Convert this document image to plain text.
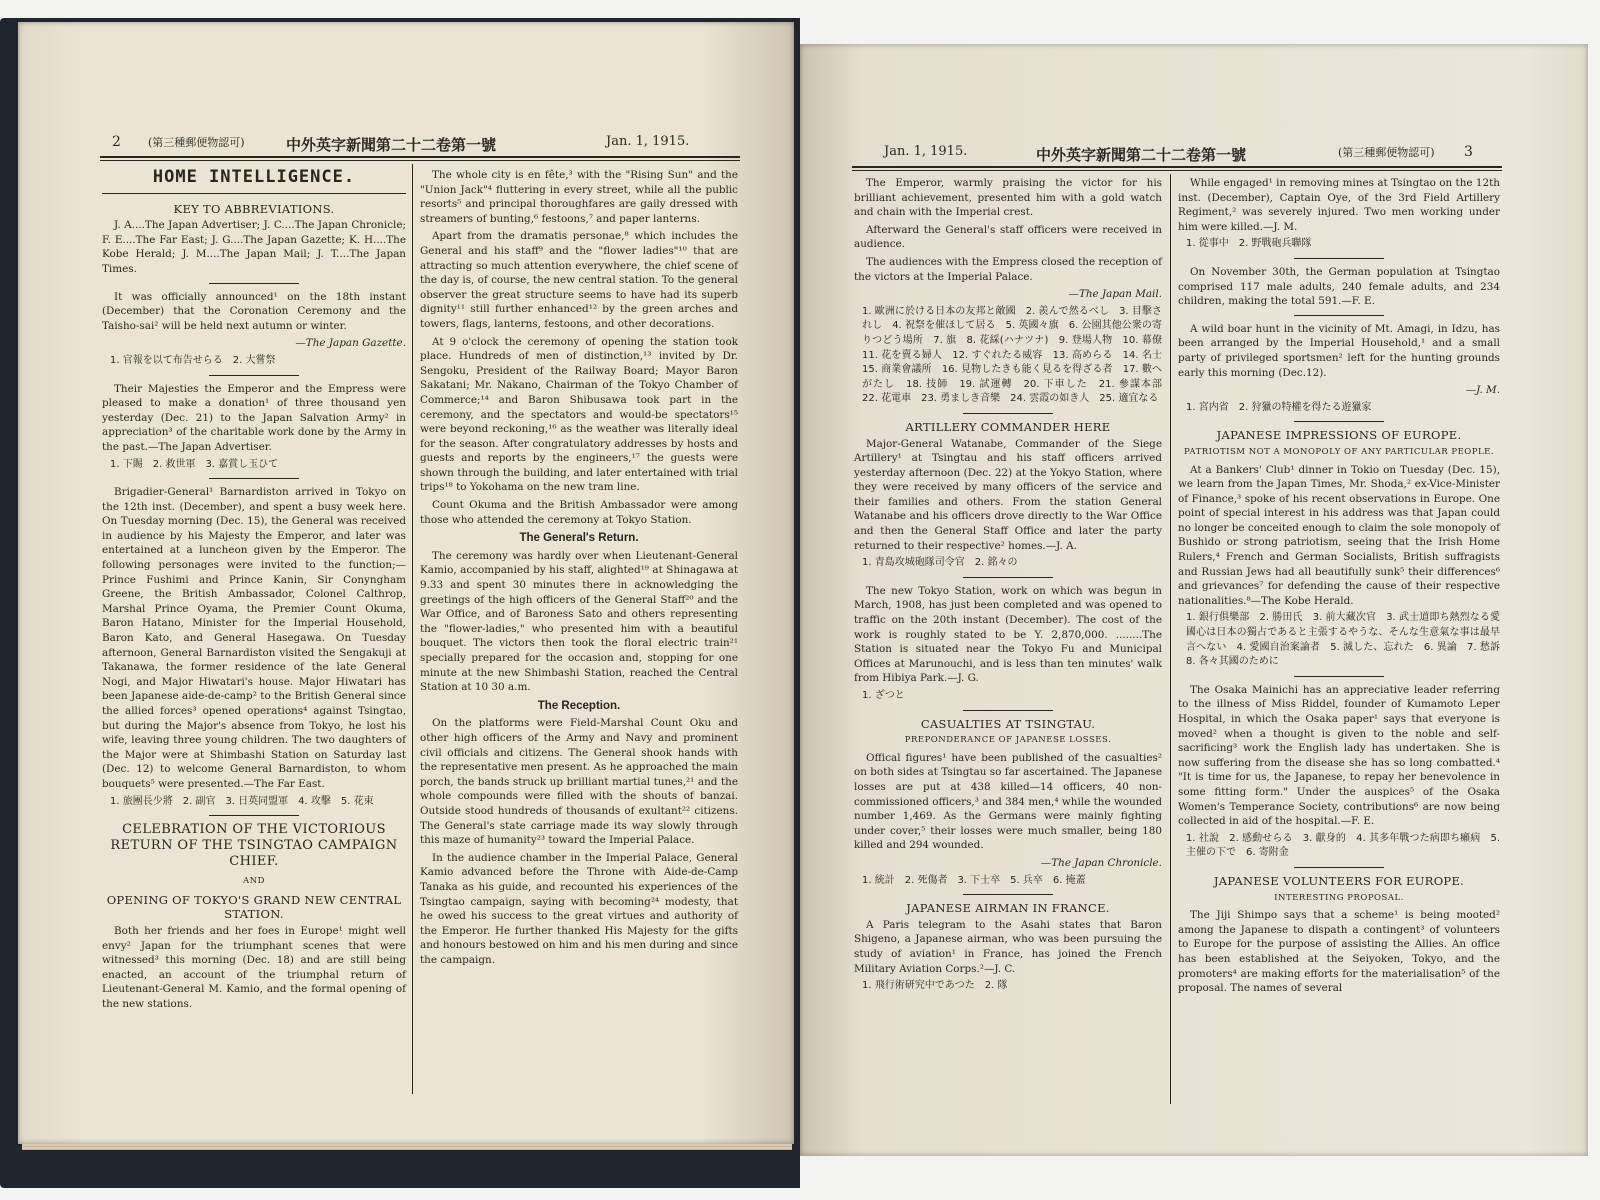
2 (第三種郵便物認可)	中外英字新聞第二十二卷第一號	Jan. 1, 1915.
HOME INTELLIGENCE.
KEY TO ABBREVIATIONS.

J. A....The Japan Advertiser; J. C....The Japan Chronicle; F. E....The Far East; J. G....The Japan Gazette; K. H....The Kobe Herald; J. M....The Japan Mail; J. T....The Japan Times.

It was officially announced¹ on the 18th instant (December) that the Coronation Ceremony and the Taisho-sai² will be held next autumn or winter.

—The Japan Gazette.
1. 官報を以て布告せらる　2. 大嘗祭

Their Majesties the Emperor and the Empress were pleased to make a donation¹ of three thousand yen yesterday (Dec. 21) to the Japan Salvation Army² in appreciation³ of the charitable work done by the Army in the past.—The Japan Advertiser.

1. 下賜　2. 救世軍　3. 嘉賞し玉ひて

Brigadier-General¹ Barnardiston arrived in Tokyo on the 12th inst. (December), and spent a busy week here. On Tuesday morning (Dec. 15), the General was received in audience by his Majesty the Emperor, and later was entertained at a luncheon given by the Emperor. The following personages were invited to the function;—Prince Fushimi and Prince Kanin, Sir Conyngham Greene, the British Ambassador, Colonel Calthrop, Marshal Prince Oyama, the Premier Count Okuma, Baron Hatano, Minister for the Imperial Household, Baron Kato, and General Hasegawa. On Tuesday afternoon, General Barnardiston visited the Sengakuji at Takanawa, the former residence of the late General Nogi, and Major Hiwatari's house. Major Hiwatari has been Japanese aide-de-camp² to the British General since the allied forces³ opened operations⁴ against Tsingtao, but during the Major's absence from Tokyo, he lost his wife, leaving three young children. The two daughters of the Major were at Shimbashi Station on Saturday last (Dec. 12) to welcome General Barnardiston, to whom bouquets⁵ were presented.—The Far East.

1. 旅團長少將　2. 副官　3. 日英同盟軍　4. 攻擊　5. 花束
CELEBRATION OF THE VICTORIOUS RETURN OF THE TSINGTAO CAMPAIGN CHIEF.
AND
OPENING OF TOKYO'S GRAND NEW CENTRAL STATION.

Both her friends and her foes in Europe¹ might well envy² Japan for the triumphant scenes that were witnessed³ this morning (Dec. 18) and are still being enacted, an account of the triumphal return of Lieutenant-General M. Kamio, and the formal opening of the new stations.

The whole city is en fête,³ with the "Rising Sun" and the "Union Jack"⁴ fluttering in every street, while all the public resorts⁵ and principal thoroughfares are gaily dressed with streamers of bunting,⁶ festoons,⁷ and paper lanterns.

Apart from the dramatis personae,⁸ which includes the General and his staff⁹ and the "flower ladies"¹⁰ that are attracting so much attention everywhere, the chief scene of the day is, of course, the new central station. To the general observer the great structure seems to have had its superb dignity¹¹ still further enhanced¹² by the green arches and towers, flags, lanterns, festoons, and other decorations.

At 9 o'clock the ceremony of opening the station took place. Hundreds of men of distinction,¹³ invited by Dr. Sengoku, President of the Railway Board; Mayor Baron Sakatani; Mr. Nakano, Chairman of the Tokyo Chamber of Commerce;¹⁴ and Baron Shibusawa took part in the ceremony, and the spectators and would-be spectators¹⁵ were beyond reckoning,¹⁶ as the weather was literally ideal for the season. After congratulatory addresses by hosts and guests and reports by the engineers,¹⁷ the guests were shown through the building, and later entertained with trial trips¹⁸ to Yokohama on the new tram line.

Count Okuma and the British Ambassador were among those who attended the ceremony at Tokyo Station.

The General's Return.

The ceremony was hardly over when Lieutenant-General Kamio, accompanied by his staff, alighted¹⁹ at Shinagawa at 9.33 and spent 30 minutes there in acknowledging the greetings of the high officers of the General Staff²⁰ and the War Office, and of Baroness Sato and others representing the "flower-ladies," who presented him with a beautiful bouquet. The victors then took the floral electric train²¹ specially prepared for the occasion and, stopping for one minute at the new Shimbashi Station, reached the Central Station at 10 30 a.m.

The Reception.

On the platforms were Field-Marshal Count Oku and other high officers of the Army and Navy and prominent civil officials and citizens. The General shook hands with the representative men present. As he approached the main porch, the bands struck up brilliant martial tunes,²¹ and the whole compounds were filled with the shouts of banzai. Outside stood hundreds of thousands of exultant²² citizens. The General's state carriage made its way slowly through this maze of humanity²³ toward the Imperial Palace.

In the audience chamber in the Imperial Palace, General Kamio advanced before the Throne with Aide-de-Camp Tanaka as his guide, and recounted his experiences of the Tsingtao campaign, saying with becoming²⁴ modesty, that he owed his success to the great virtues and authority of the Emperor. He further thanked His Majesty for the gifts and honours bestowed on him and his men during and since the campaign.

Jan. 1, 1915.	中外英字新聞第二十二卷第一號	(第三種郵便物認可) 3

The Emperor, warmly praising the victor for his brilliant achievement, presented him with a gold watch and chain with the Imperial crest.

Afterward the General's staff officers were received in audience.

The audiences with the Empress closed the reception of the victors at the Imperial Palace.

—The Japan Mail.
1. 歐洲に於ける日本の友邦と敵國　2. 羨んで然るべし　3. 目擊されし　4. 祝祭を催ほして居る　5. 英國々旗　6. 公園其他公衆の寄りつどう場所　7. 旗　8. 花綵(ハナツナ)　9. 登場人物　10. 幕僚　11. 花を賣る婦人　12. すぐれたる威容　13. 高めらる　14. 名士　15. 商業會議所　16. 見物したきも能く見るを得ざる者　17. 數へがたし　18. 技師　19. 試運轉　20. 下車した　21. 參謀本部　22. 花電車　23. 勇ましき音樂　24. 雲霞の如き人　25. 適宜なる
ARTILLERY COMMANDER HERE

Major-General Watanabe, Commander of the Siege Artillery¹ at Tsingtau and his staff officers arrived yesterday afternoon (Dec. 22) at the Yokyo Station, where they were received by many officers of the service and their families and others. From the station General Watanabe and his officers drove directly to the War Office and then the General Staff Office and later the party returned to their respective² homes.—J. A.

1. 青島攻城砲隊司令官　2. 銘々の

The new Tokyo Station, work on which was begun in March, 1908, has just been completed and was opened to traffic on the 20th instant (December). The cost of the work is roughly stated to be Y. 2,870,000. ........The Station is situated near the Tokyo Fu and Municipal Offices at Marunouchi, and is less than ten minutes' walk from Hibiya Park.—J. G.

1. ざつと
CASUALTIES AT TSINGTAU.
PREPONDERANCE OF JAPANESE LOSSES.

Offical figures¹ have been published of the casualties² on both sides at Tsingtau so far ascertained. The Japanese losses are put at 438 killed—14 officers, 40 non-commissioned officers,³ and 384 men,⁴ while the wounded number 1,469. As the Germans were mainly fighting under cover,⁵ their losses were much smaller, being 180 killed and 294 wounded.

—The Japan Chronicle.
1. 統計　2. 死傷者　3. 下士卒　5. 兵卒　6. 掩蓋
JAPANESE AIRMAN IN FRANCE.

A Paris telegram to the Asahi states that Baron Shigeno, a Japanese airman, who was been pursuing the study of aviation¹ in France, has joined the French Military Aviation Corps.²—J. C.

1. 飛行術研究中であつた　2. 隊

While engaged¹ in removing mines at Tsingtao on the 12th inst. (December), Captain Oye, of the 3rd Field Artillery Regiment,² was severely injured. Two men working under him were killed.—J. M.

1. 從事中　2. 野戰砲兵聯隊

On November 30th, the German population at Tsingtao comprised 117 male adults, 240 female adults, and 234 children, making the total 591.—F. E.

A wild boar hunt in the vicinity of Mt. Amagi, in Idzu, has been arranged by the Imperial Household,¹ and a small party of privileged sportsmen² left for the hunting grounds early this morning (Dec.12).

—J. M.
1. 宮内省　2. 狩獵の特權を得たる遊獵家
JAPANESE IMPRESSIONS OF EUROPE.
PATRIOTISM NOT A MONOPOLY OF ANY PARTICULAR PEOPLE.

At a Bankers' Club¹ dinner in Tokio on Tuesday (Dec. 15), we learn from the Japan Times, Mr. Shoda,² ex-Vice-Minister of Finance,³ spoke of his recent observations in Europe. One point of special interest in his address was that Japan could no longer be conceited enough to claim the sole monopoly of Bushido or strong patriotism, seeing that the Irish Home Rulers,⁴ French and German Socialists, British suffragists and Russian Jews had all beautifully sunk⁵ their differences⁶ and grievances⁷ for defending the cause of their respective nationalities.⁸—The Kobe Herald.

1. 銀行俱樂部　2. 勝田氏　3. 前大藏次官　3. 武士道即ち熱烈なる愛國心は日本の獨占であると主張するやうな、そんな生意氣な事は最早言へない　4. 愛國自治案論者　5. 滅した、忘れた　6. 異論　7. 愁訴　8. 各々其國のために

The Osaka Mainichi has an appreciative leader referring to the illness of Miss Riddel, founder of Kumamoto Leper Hospital, in which the Osaka paper¹ says that everyone is moved² when a thought is given to the noble and self-sacrificing³ work the English lady has undertaken. She is now suffering from the disease she has so long combatted.⁴ "It is time for us, the Japanese, to repay her benevolence in some fitting form." Under the auspices⁵ of the Osaka Women's Temperance Society, contributions⁶ are now being collected in aid of the hospital.—F. E.

1. 社說　2. 感動せらる　3. 獻身的　4. 其多年戰つた病即ち癩病　5. 主催の下で　6. 寄附金
JAPANESE VOLUNTEERS FOR EUROPE.
INTERESTING PROPOSAL.

The Jiji Shimpo says that a scheme¹ is being mooted² among the Japanese to dispath a contingent³ of volunteers to Europe for the purpose of assisting the Allies. An office has been established at the Seiyoken, Tokyo, and the promoters⁴ are making efforts for the materialisation⁵ of the proposal. The names of several
